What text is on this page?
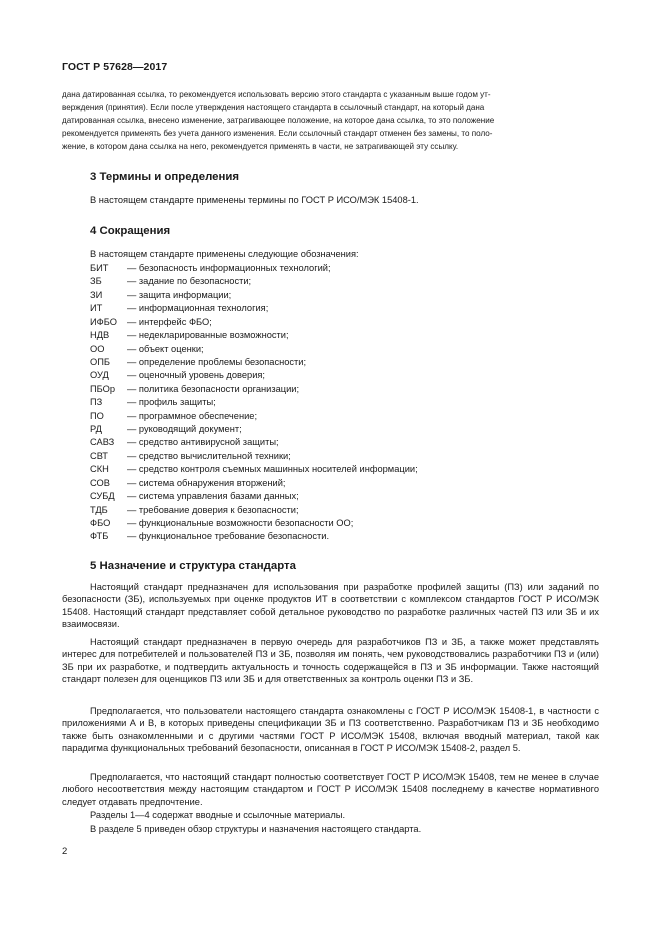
ГОСТ Р 57628—2017

дана датированная ссылка, то рекомендуется использовать версию этого стандарта с указанным выше годом ут-

верждения (принятия). Если после утверждения настоящего стандарта в ссылочный стандарт, на который дана

датированная ссылка, внесено изменение, затрагивающее положение, на которое дана ссылка, то это положение

рекомендуется применять без учета данного изменения. Если ссылочный стандарт отменен без замены, то поло-

жение, в котором дана ссылка на него, рекомендуется применять в части, не затрагивающей эту ссылку.

3 Термины и определения

В настоящем стандарте применены термины по ГОСТ Р ИСО/МЭК 15408-1.

4 Сокращения

В настоящем стандарте применены следующие обозначения:

БИТ	— безопасность информационных технологий;
ЗБ	— задание по безопасности;
ЗИ	— защита информации;
ИТ	— информационная технология;
ИФБО	— интерфейс ФБО;
НДВ	— недекларированные возможности;
ОО	— объект оценки;
ОПБ	— определение проблемы безопасности;
ОУД	— оценочный уровень доверия;
ПБОр	— политика безопасности организации;
ПЗ	— профиль защиты;
ПО	— программное обеспечение;
РД	— руководящий документ;
САВЗ	— средство антивирусной защиты;
СВТ	— средство вычислительной техники;
СКН	— средство контроля съемных машинных носителей информации;
СОВ	— система обнаружения вторжений;
СУБД	— система управления базами данных;
ТДБ	— требование доверия к безопасности;
ФБО	— функциональные возможности безопасности ОО;
ФТБ	— функциональное требование безопасности.
5 Назначение и структура стандарта

Настоящий стандарт предназначен для использования при разработке профилей защиты (ПЗ) или заданий по безопасности (ЗБ), используемых при оценке продуктов ИТ в соответствии с комплексом стандартов ГОСТ Р ИСО/МЭК 15408. Настоящий стандарт представляет собой детальное руководство по разработке различных частей ПЗ или ЗБ и их взаимосвязи.

Настоящий стандарт предназначен в первую очередь для разработчиков ПЗ и ЗБ, а также может представлять интерес для потребителей и пользователей ПЗ и ЗБ, позволяя им понять, чем руководствовались разработчики ПЗ и (или) ЗБ при их разработке, и подтвердить актуальность и точность содержащейся в ПЗ и ЗБ информации. Также настоящий стандарт полезен для оценщиков ПЗ или ЗБ и для ответственных за контроль оценки ПЗ и ЗБ.

Предполагается, что пользователи настоящего стандарта ознакомлены с ГОСТ Р ИСО/МЭК 15408-1, в частности с приложениями А и В, в которых приведены спецификации ЗБ и ПЗ соответственно. Разработчикам ПЗ и ЗБ необходимо также быть ознакомленными и с другими частями ГОСТ Р ИСО/МЭК 15408, включая вводный материал, такой как парадигма функциональных требований безопасности, описанная в ГОСТ Р ИСО/МЭК 15408-2, раздел 5.

Предполагается, что настоящий стандарт полностью соответствует ГОСТ Р ИСО/МЭК 15408, тем не менее в случае любого несоответствия между настоящим стандартом и ГОСТ Р ИСО/МЭК 15408 последнему в качестве нормативного следует отдавать предпочтение.

Разделы 1—4 содержат вводные и ссылочные материалы.

В разделе 5 приведен обзор структуры и назначения настоящего стандарта.

2
